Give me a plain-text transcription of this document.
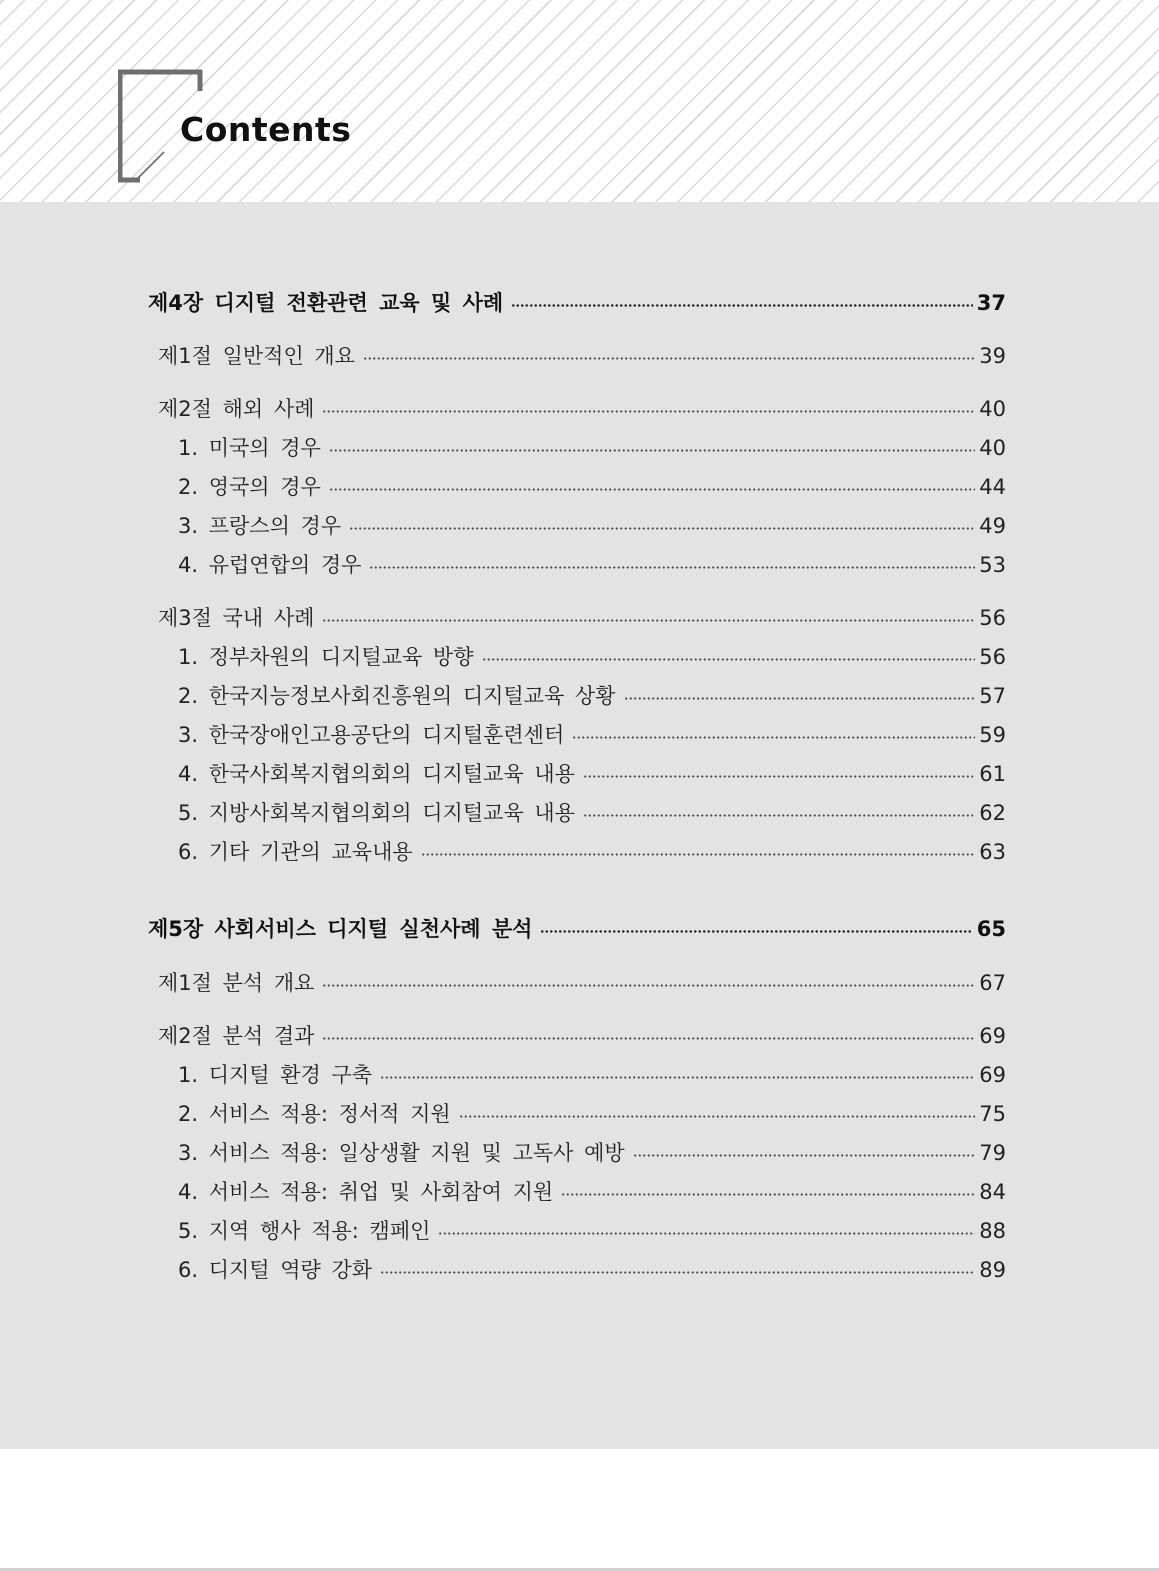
Contents
제4장 디지털 전환관련 교육 및 사례	37
제1절 일반적인 개요	39
제2절 해외 사례	40
1. 미국의 경우	40
2. 영국의 경우	44
3. 프랑스의 경우	49
4. 유럽연합의 경우	53
제3절 국내 사례	56
1. 정부차원의 디지털교육 방향	56
2. 한국지능정보사회진흥원의 디지털교육 상황	57
3. 한국장애인고용공단의 디지털훈련센터	59
4. 한국사회복지협의회의 디지털교육 내용	61
5. 지방사회복지협의회의 디지털교육 내용	62
6. 기타 기관의 교육내용	63
제5장 사회서비스 디지털 실천사례 분석	65
제1절 분석 개요	67
제2절 분석 결과	69
1. 디지털 환경 구축	69
2. 서비스 적용: 정서적 지원	75
3. 서비스 적용: 일상생활 지원 및 고독사 예방	79
4. 서비스 적용: 취업 및 사회참여 지원	84
5. 지역 행사 적용: 캠페인	88
6. 디지털 역량 강화	89
